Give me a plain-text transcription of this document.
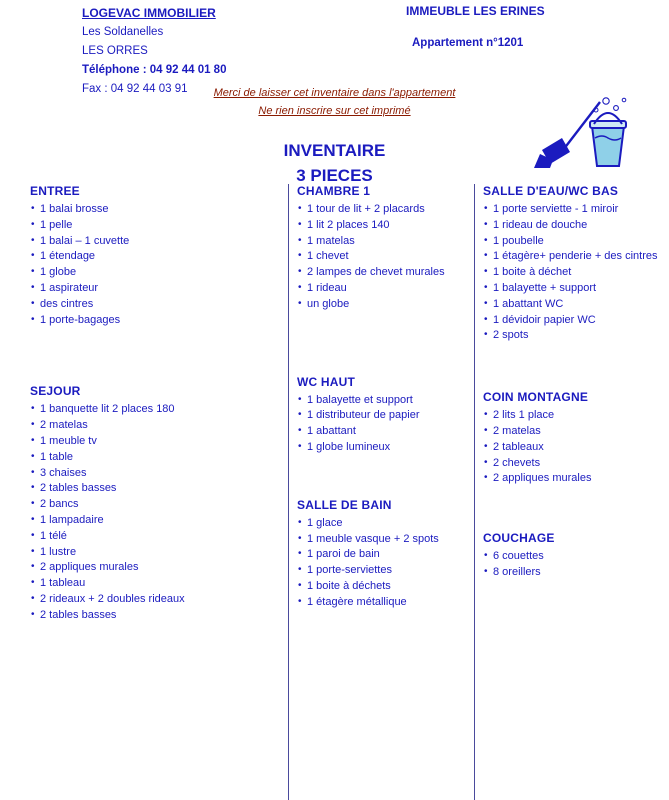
LOGEVAC IMMOBILIER
Les Soldanelles
LES ORRES
Téléphone : 04 92 44 01 80
Fax : 04 92 44 03 91
IMMEUBLE LES ERINES
Appartement n°1201
Merci de laisser cet inventaire dans l'appartement
Ne rien inscrire sur cet imprimé
INVENTAIRE
3 PIECES
ENTREE
• 1 balai brosse
• 1 pelle
• 1 balai – 1 cuvette
• 1 étendage
• 1 globe
• 1 aspirateur
• des cintres
• 1 porte-bagages
SEJOUR
• 1 banquette lit 2 places 180
• 2 matelas
• 1 meuble tv
• 1 table
• 3 chaises
• 2 tables basses
• 2 bancs
• 1 lampadaire
• 1 télé
• 1 lustre
• 2 appliques murales
• 1 tableau
• 2 rideaux + 2 doubles rideaux
• 2 tables basses
CHAMBRE 1
• 1 tour de lit + 2 placards
• 1 lit 2 places 140
• 1 matelas
• 1 chevet
• 2 lampes de chevet murales
• 1 rideau
• un globe
WC HAUT
• 1 balayette et support
• 1 distributeur de papier
• 1 abattant
• 1 globe lumineux
SALLE DE BAIN
• 1 glace
• 1 meuble vasque + 2 spots
• 1 paroi de bain
• 1 porte-serviettes
• 1 boite à déchets
• 1 étagère métallique
SALLE D'EAU/WC BAS
• 1 porte serviette - 1 miroir
• 1 rideau de douche
• 1 poubelle
• 1 étagère+ penderie + des cintres
• 1 boite à déchet
• 1 balayette + support
• 1 abattant WC
• 1 dévidoir papier WC
• 2 spots
COIN MONTAGNE
• 2 lits 1 place
• 2 matelas
• 2 tableaux
• 2 chevets
• 2 appliques murales
COUCHAGE
• 6 couettes
• 8 oreillers
